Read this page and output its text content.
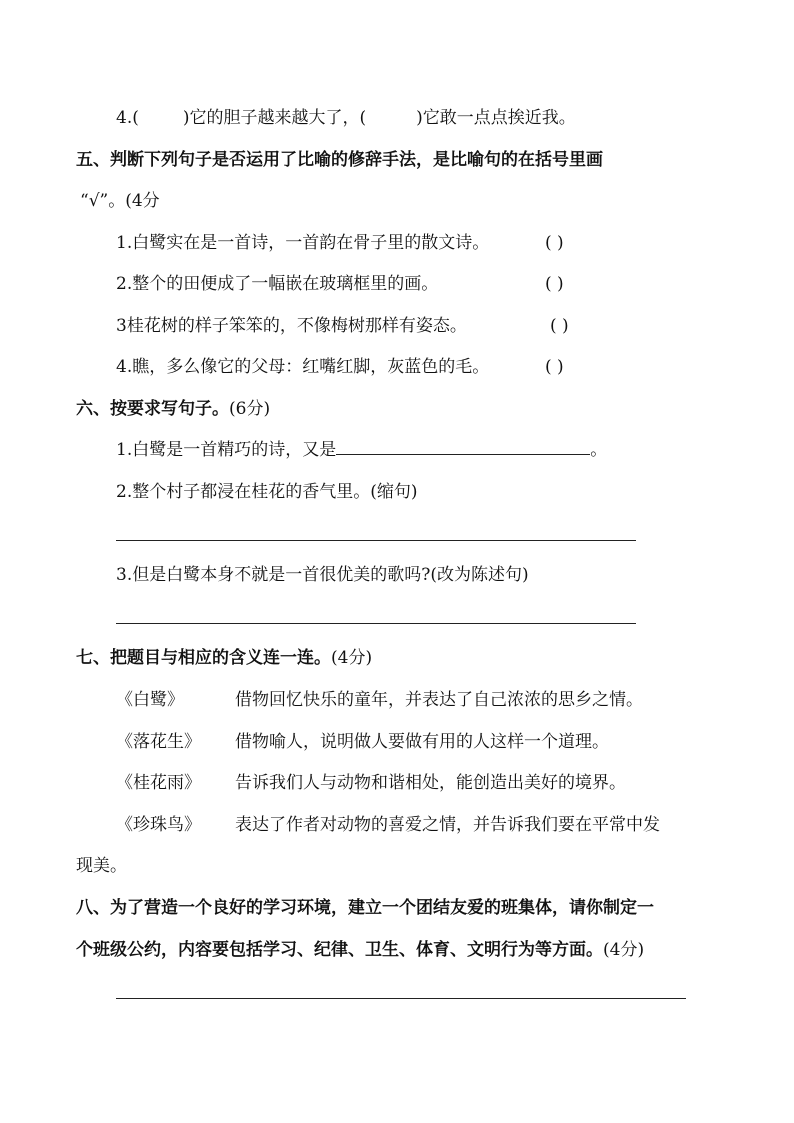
4.(	)它的胆子越来越大了，(	)它敢一点点挨近我。
五、判断下列句子是否运用了比喻的修辞手法，是比喻句的在括号里画
“√”。(4分
1.白鹭实在是一首诗，一首韵在骨子里的散文诗。	( )
2.整个的田便成了一幅嵌在玻璃框里的画。	( )
3桂花树的样子笨笨的，不像梅树那样有姿态。	( )
4.瞧，多么像它的父母：红嘴红脚，灰蓝色的毛。	( )
六、按要求写句子。(6分)
1.白鹭是一首精巧的诗，又是	。
2.整个村子都浸在桂花的香气里。(缩句)
3.但是白鹭本身不就是一首很优美的歌吗?(改为陈述句)
七、把题目与相应的含义连一连。(4分)
《白鹭》	借物回忆快乐的童年，并表达了自己浓浓的思乡之情。
《落花生》 借物喻人，说明做人要做有用的人这样一个道理。
《桂花雨》 告诉我们人与动物和谐相处，能创造出美好的境界。
《珍珠鸟》 表达了作者对动物的喜爱之情，并告诉我们要在平常中发
现美。
八、为了营造一个良好的学习环境，建立一个团结友爱的班集体，请你制定一
个班级公约，内容要包括学习、纪律、卫生、体育、文明行为等方面。(4分)
